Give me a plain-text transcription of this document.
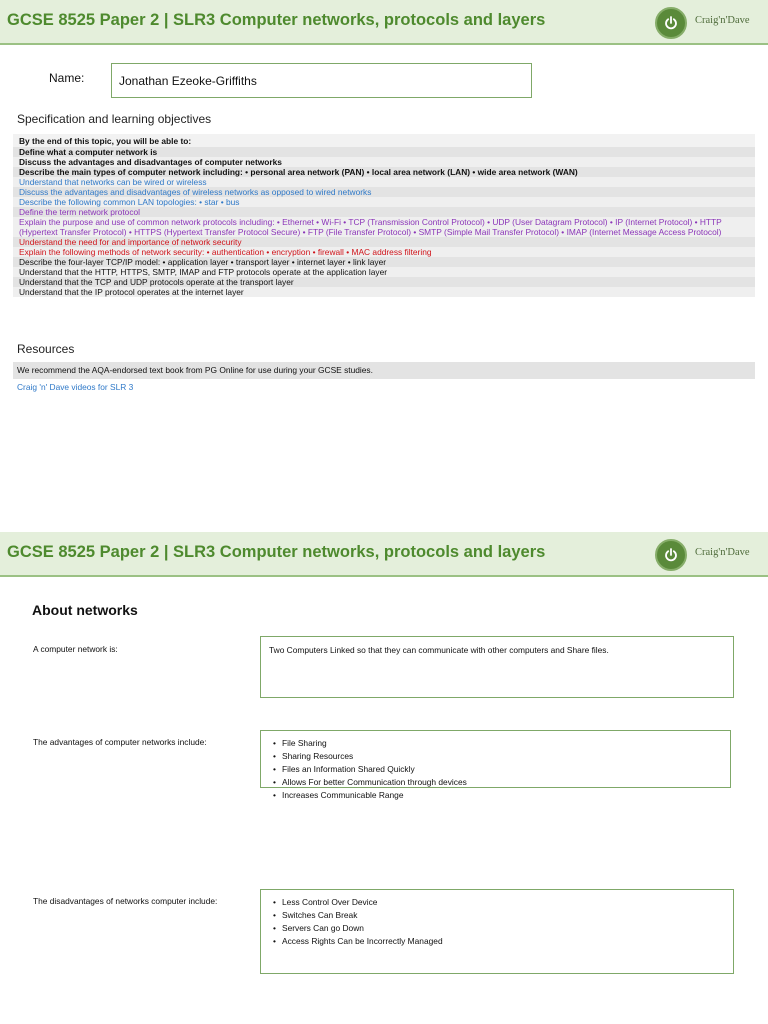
GCSE 8525 Paper 2 | SLR3 Computer networks, protocols and layers	Craig'n'Dave
Name:	Jonathan Ezeoke-Griffiths
Specification and learning objectives
By the end of this topic, you will be able to:
Define what a computer network is
Discuss the advantages and disadvantages of computer networks
Describe the main types of computer network including: • personal area network (PAN) • local area network (LAN) • wide area network (WAN)
Understand that networks can be wired or wireless
Discuss the advantages and disadvantages of wireless networks as opposed to wired networks
Describe the following common LAN topologies: • star • bus
Define the term network protocol
Explain the purpose and use of common network protocols including: • Ethernet • Wi-Fi • TCP (Transmission Control Protocol) • UDP (User Datagram Protocol) • IP (Internet Protocol) • HTTP (Hypertext Transfer Protocol) • HTTPS (Hypertext Transfer Protocol Secure) • FTP (File Transfer Protocol) • SMTP (Simple Mail Transfer Protocol) • IMAP (Internet Message Access Protocol)
Understand the need for and importance of network security
Explain the following methods of network security: • authentication • encryption • firewall • MAC address filtering
Describe the four-layer TCP/IP model: • application layer • transport layer • internet layer • link layer
Understand that the HTTP, HTTPS, SMTP, IMAP and FTP protocols operate at the application layer
Understand that the TCP and UDP protocols operate at the transport layer
Understand that the IP protocol operates at the internet layer
Resources
We recommend the AQA-endorsed text book from PG Online for use during your GCSE studies.
Craig 'n' Dave videos for SLR 3
GCSE 8525 Paper 2 | SLR3 Computer networks, protocols and layers	Craig'n'Dave
About networks
A computer network is:	Two Computers Linked so that they can communicate with other computers and Share files.
The advantages of computer networks include:	• File Sharing
• Sharing Resources
• Files an Information Shared Quickly
• Allows For better Communication through devices
• Increases Communicable Range
The disadvantages of networks computer include:	• Less Control Over Device
• Switches Can Break
• Servers Can go Down
• Access Rights Can be Incorrectly Managed
